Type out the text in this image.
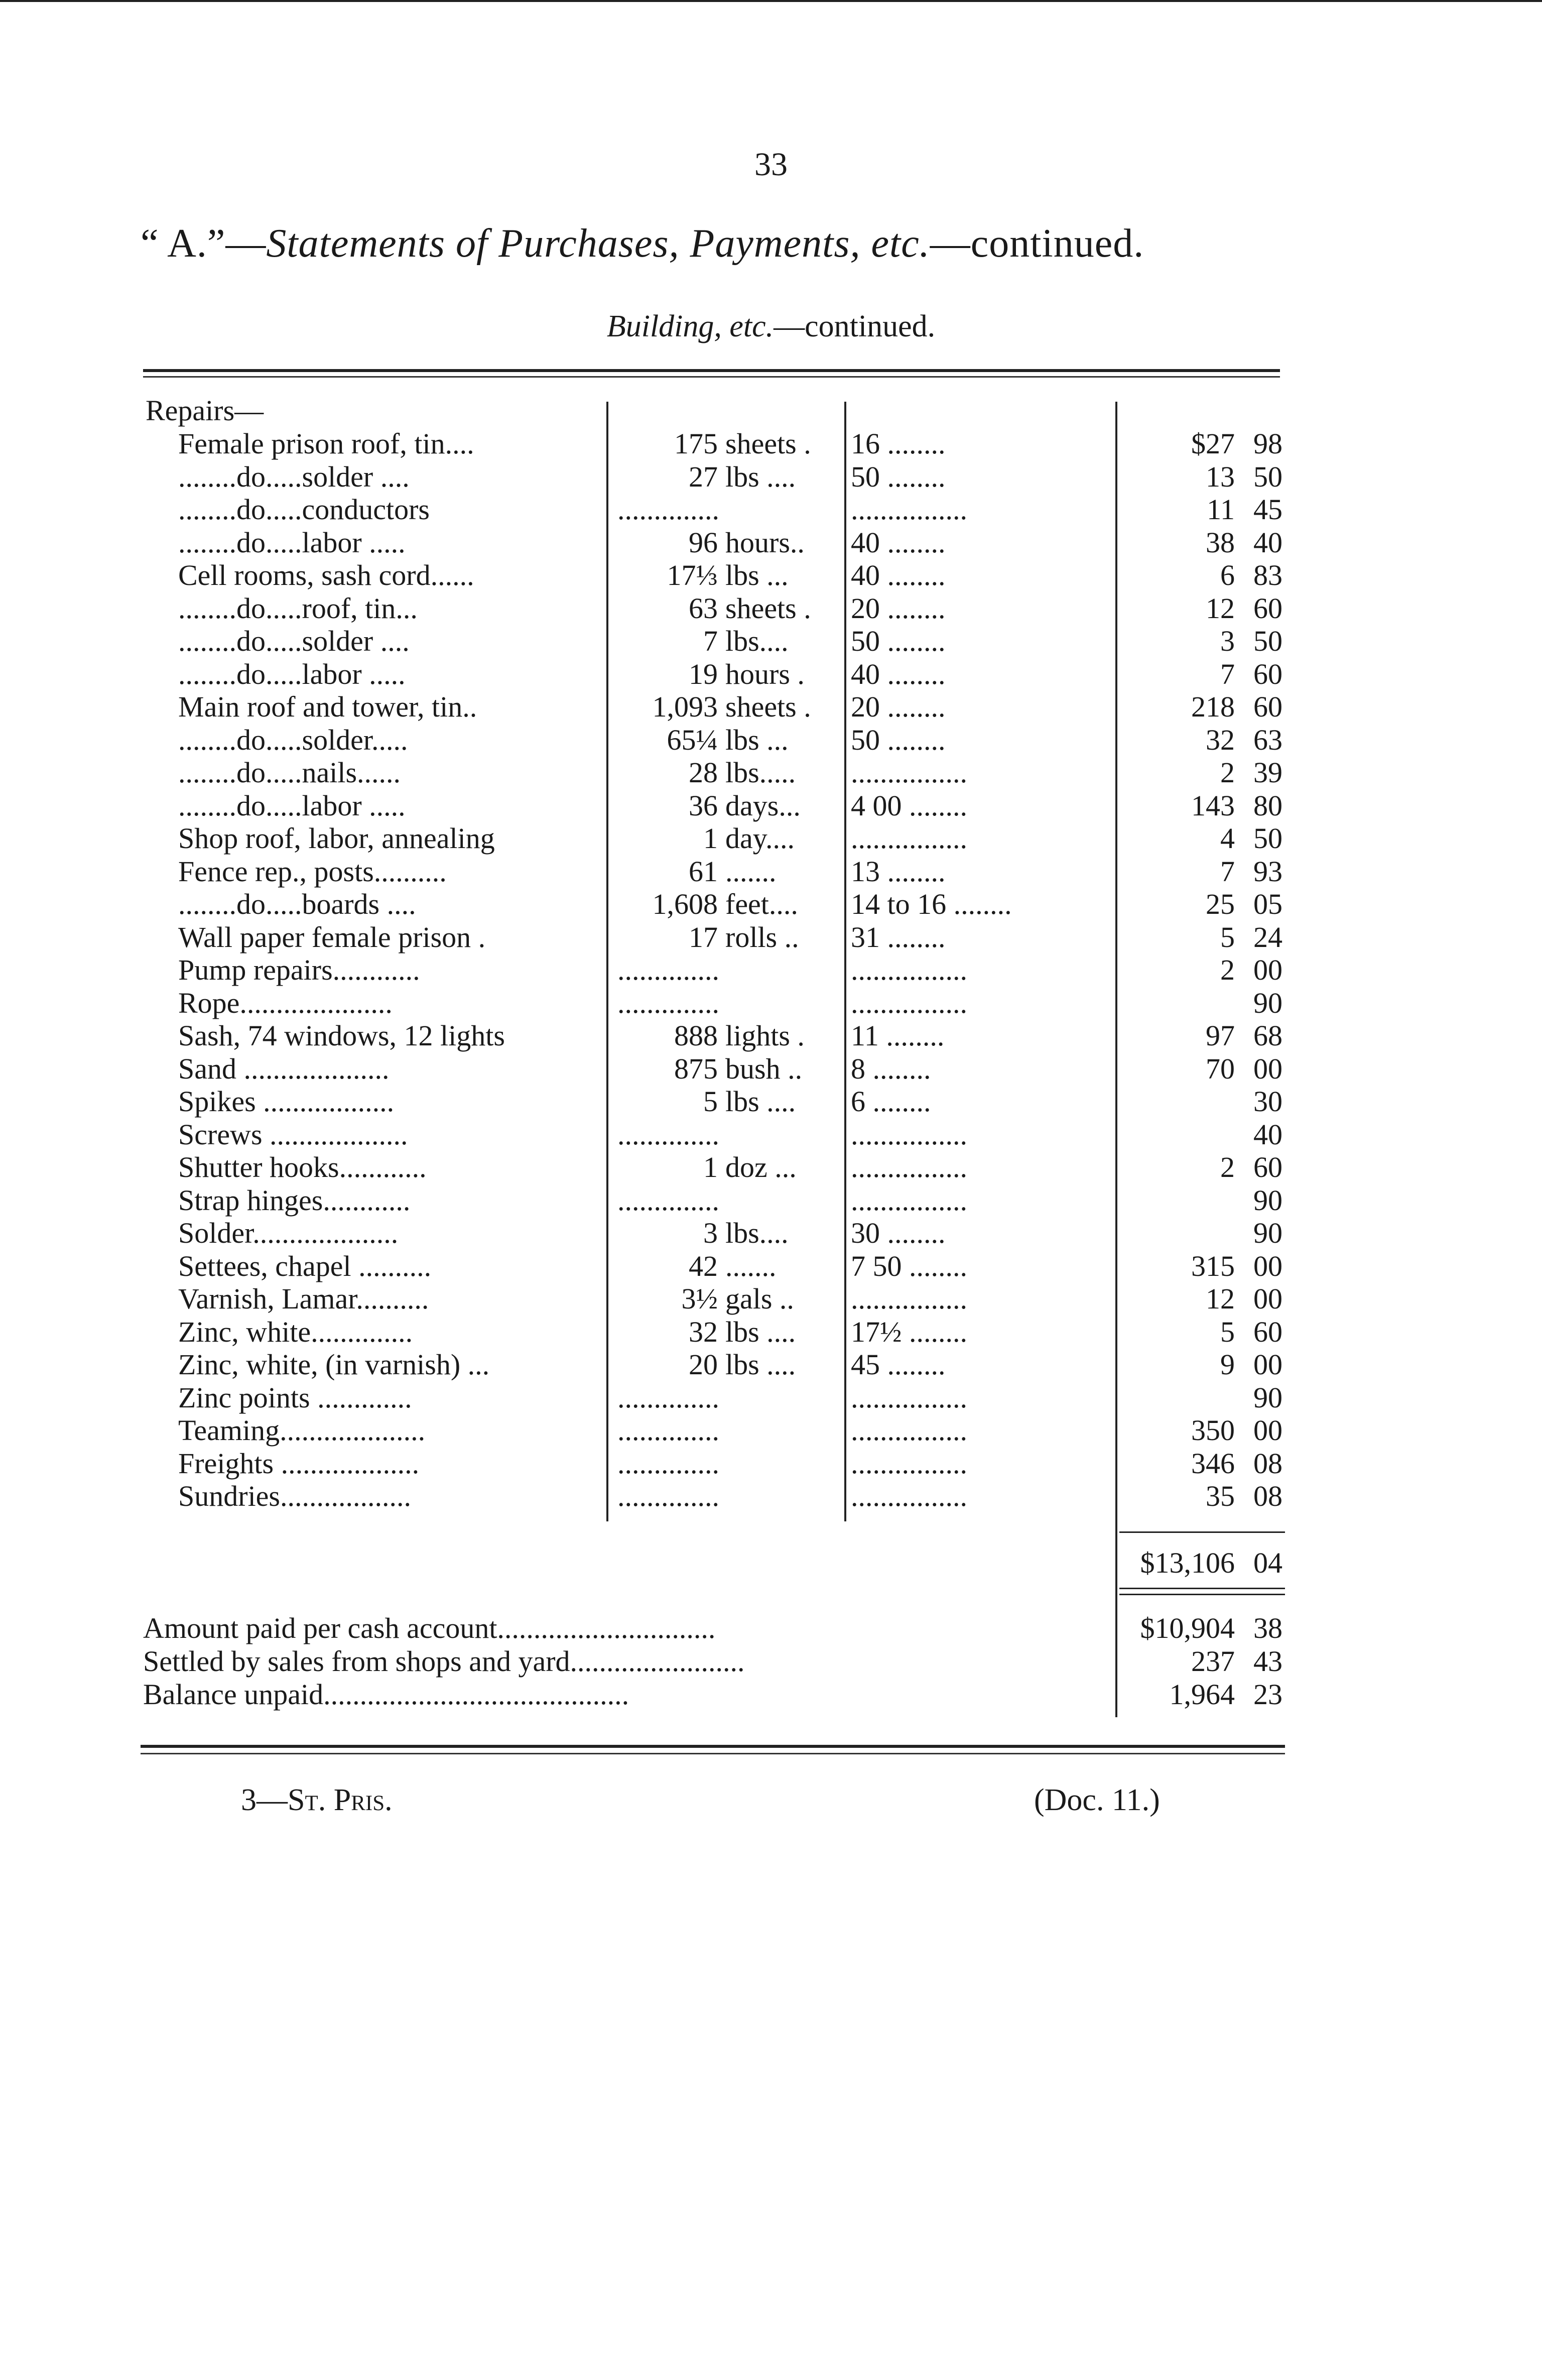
33
“ A.”—Statements of Purchases, Payments, etc.—continued.
Building, etc.—continued.
Repairs—
Female prison roof, tin....	175 sheets .	16 ........	$27 98
........do.....solder ....	27 lbs ....	50 ........	13 50
........do.....conductors	..............	................	11 45
........do.....labor .....	96 hours..	40 ........	38 40
Cell rooms, sash cord......	17⅓ lbs ...	40 ........	6 83
........do.....roof, tin...	63 sheets .	20 ........	12 60
........do.....solder ....	7 lbs....	50 ........	3 50
........do.....labor .....	19 hours .	40 ........	7 60
Main roof and tower, tin..	1,093 sheets .	20 ........	218 60
........do.....solder.....	65¼ lbs ...	50 ........	32 63
........do.....nails......	28 lbs.....	................	2 39
........do.....labor .....	36 days...	4 00 ........	143 80
Shop roof, labor, annealing	1 day....	................	4 50
Fence rep., posts..........	61 .......	13 ........	7 93
........do.....boards ....	1,608 feet....	14 to 16 ........	25 05
Wall paper female prison .	17 rolls ..	31 ........	5 24
Pump repairs............	..............	................	2 00
Rope.....................	..............	................	90
Sash, 74 windows, 12 lights	888 lights .	11 ........	97 68
Sand ....................	875 bush ..	8 ........	70 00
Spikes ..................	5 lbs ....	6 ........	30
Screws ...................	..............	................	40
Shutter hooks............	1 doz ...	................	2 60
Strap hinges............	..............	................	90
Solder....................	3 lbs....	30 ........	90
Settees, chapel ..........	42 .......	7 50 ........	315 00
Varnish, Lamar..........	3½ gals ..	................	12 00
Zinc, white..............	32 lbs ....	17½ ........	5 60
Zinc, white, (in varnish) ...	20 lbs ....	45 ........	9 00
Zinc points .............	..............	................	90
Teaming....................	..............	................	350 00
Freights ...................	..............	................	346 08
Sundries..................	..............	................	35 08
$13,106 04
Amount paid per cash account..............................	$10,904 38
Settled by sales from shops and yard........................	237 43
Balance unpaid..........................................	1,964 23
3—St. Pris.	(Doc. 11.)
